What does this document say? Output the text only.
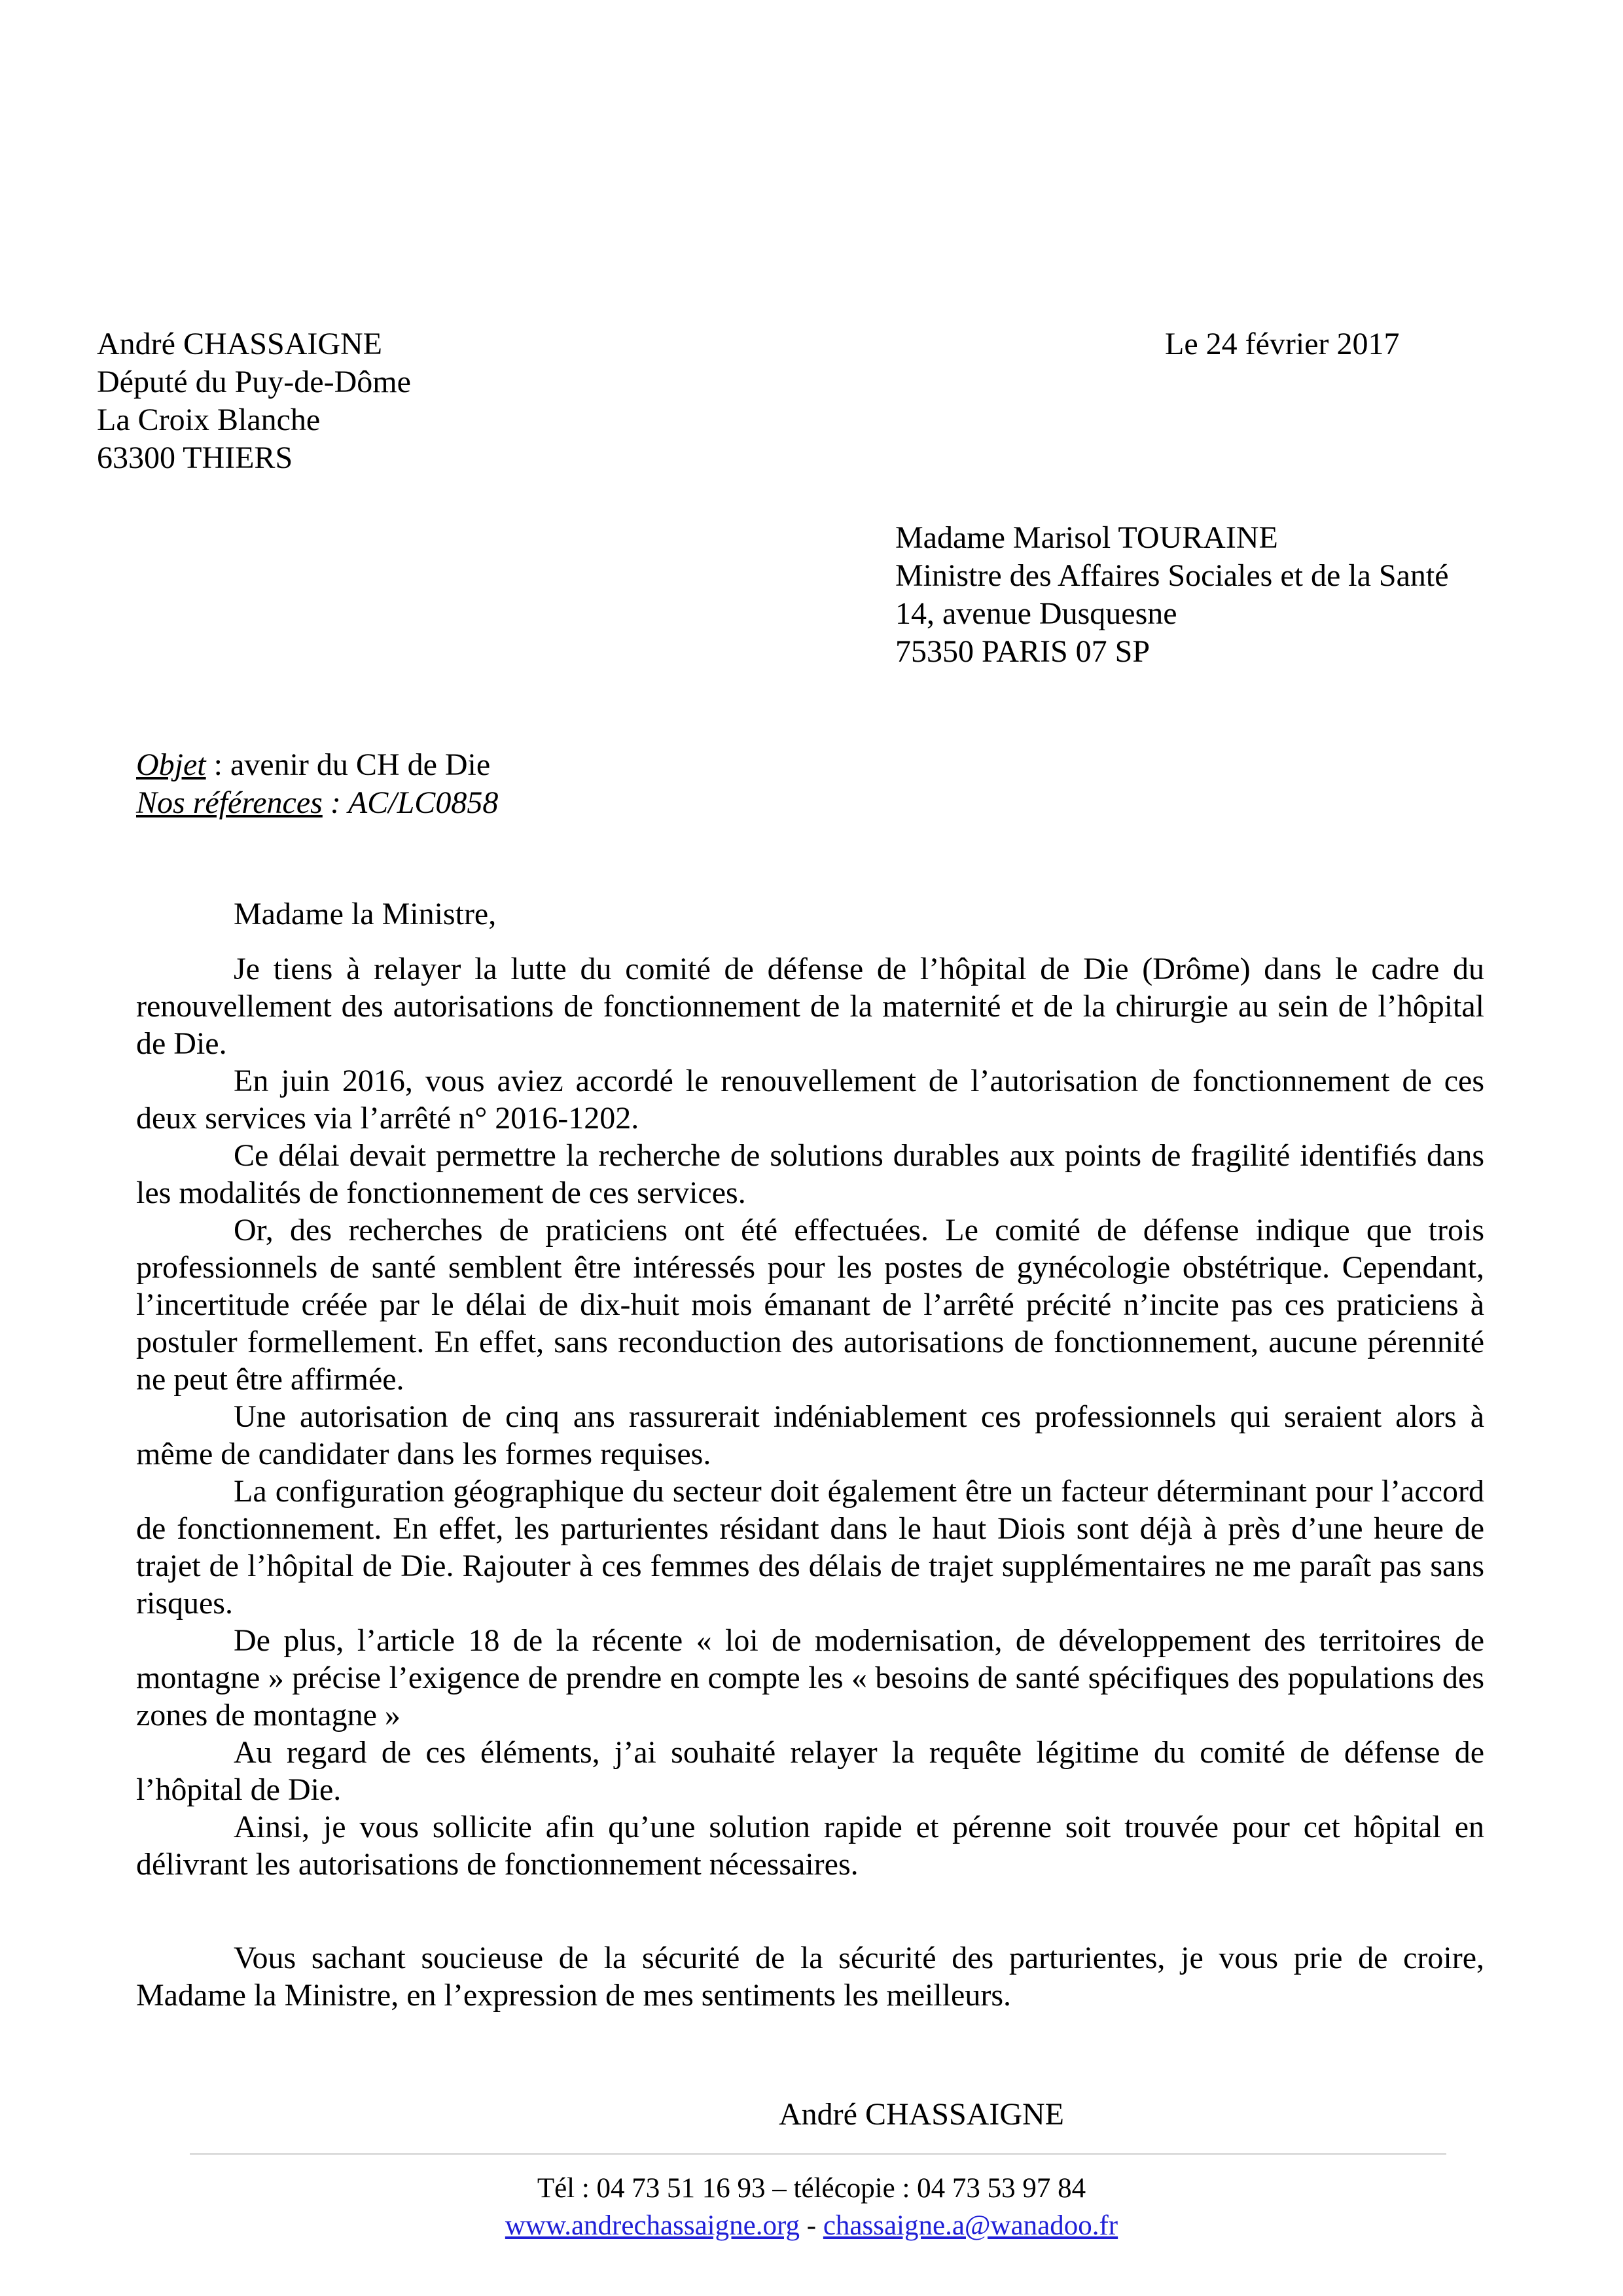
André CHASSAIGNE
Député du Puy-de-Dôme
La Croix Blanche
63300 THIERS
Le 24 février 2017
Madame Marisol TOURAINE
Ministre des Affaires Sociales et de la Santé
14, avenue Dusquesne
75350 PARIS 07 SP
Objet : avenir du CH de Die
Nos références : AC/LC0858
Madame la Ministre,

Je tiens à relayer la lutte du comité de défense de l’hôpital de Die (Drôme) dans le cadre du renouvellement des autorisations de fonctionnement de la maternité et de la chirurgie au sein de l’hôpital de Die.

En juin 2016, vous aviez accordé le renouvellement de l’autorisation de fonctionnement de ces deux services via l’arrêté n° 2016-1202.

Ce délai devait permettre la recherche de solutions durables aux points de fragilité identifiés dans les modalités de fonctionnement de ces services.

Or, des recherches de praticiens ont été effectuées. Le comité de défense indique que trois professionnels de santé semblent être intéressés pour les postes de gynécologie obstétrique. Cependant, l’incertitude créée par le délai de dix-huit mois émanant de l’arrêté précité n’incite pas ces praticiens à postuler formellement. En effet, sans reconduction des autorisations de fonctionnement, aucune pérennité ne peut être affirmée.

Une autorisation de cinq ans rassurerait indéniablement ces professionnels qui seraient alors à même de candidater dans les formes requises.

La configuration géographique du secteur doit également être un facteur déterminant pour l’accord de fonctionnement. En effet, les parturientes résidant dans le haut Diois sont déjà à près d’une heure de trajet de l’hôpital de Die. Rajouter à ces femmes des délais de trajet supplémentaires ne me paraît pas sans risques.

De plus, l’article 18 de la récente « loi de modernisation, de développement des territoires de montagne » précise l’exigence de prendre en compte les « besoins de santé spécifiques des populations des zones de montagne »

Au regard de ces éléments, j’ai souhaité relayer la requête légitime du comité de défense de l’hôpital de Die.

Ainsi, je vous sollicite afin qu’une solution rapide et pérenne soit trouvée pour cet hôpital en délivrant les autorisations de fonctionnement nécessaires.

Vous sachant soucieuse de la sécurité de la sécurité des parturientes, je vous prie de croire, Madame la Ministre, en l’expression de mes sentiments les meilleurs.

André CHASSAIGNE
Tél : 04 73 51 16 93 – télécopie : 04 73 53 97 84
www.andrechassaigne.org - chassaigne.a@wanadoo.fr
